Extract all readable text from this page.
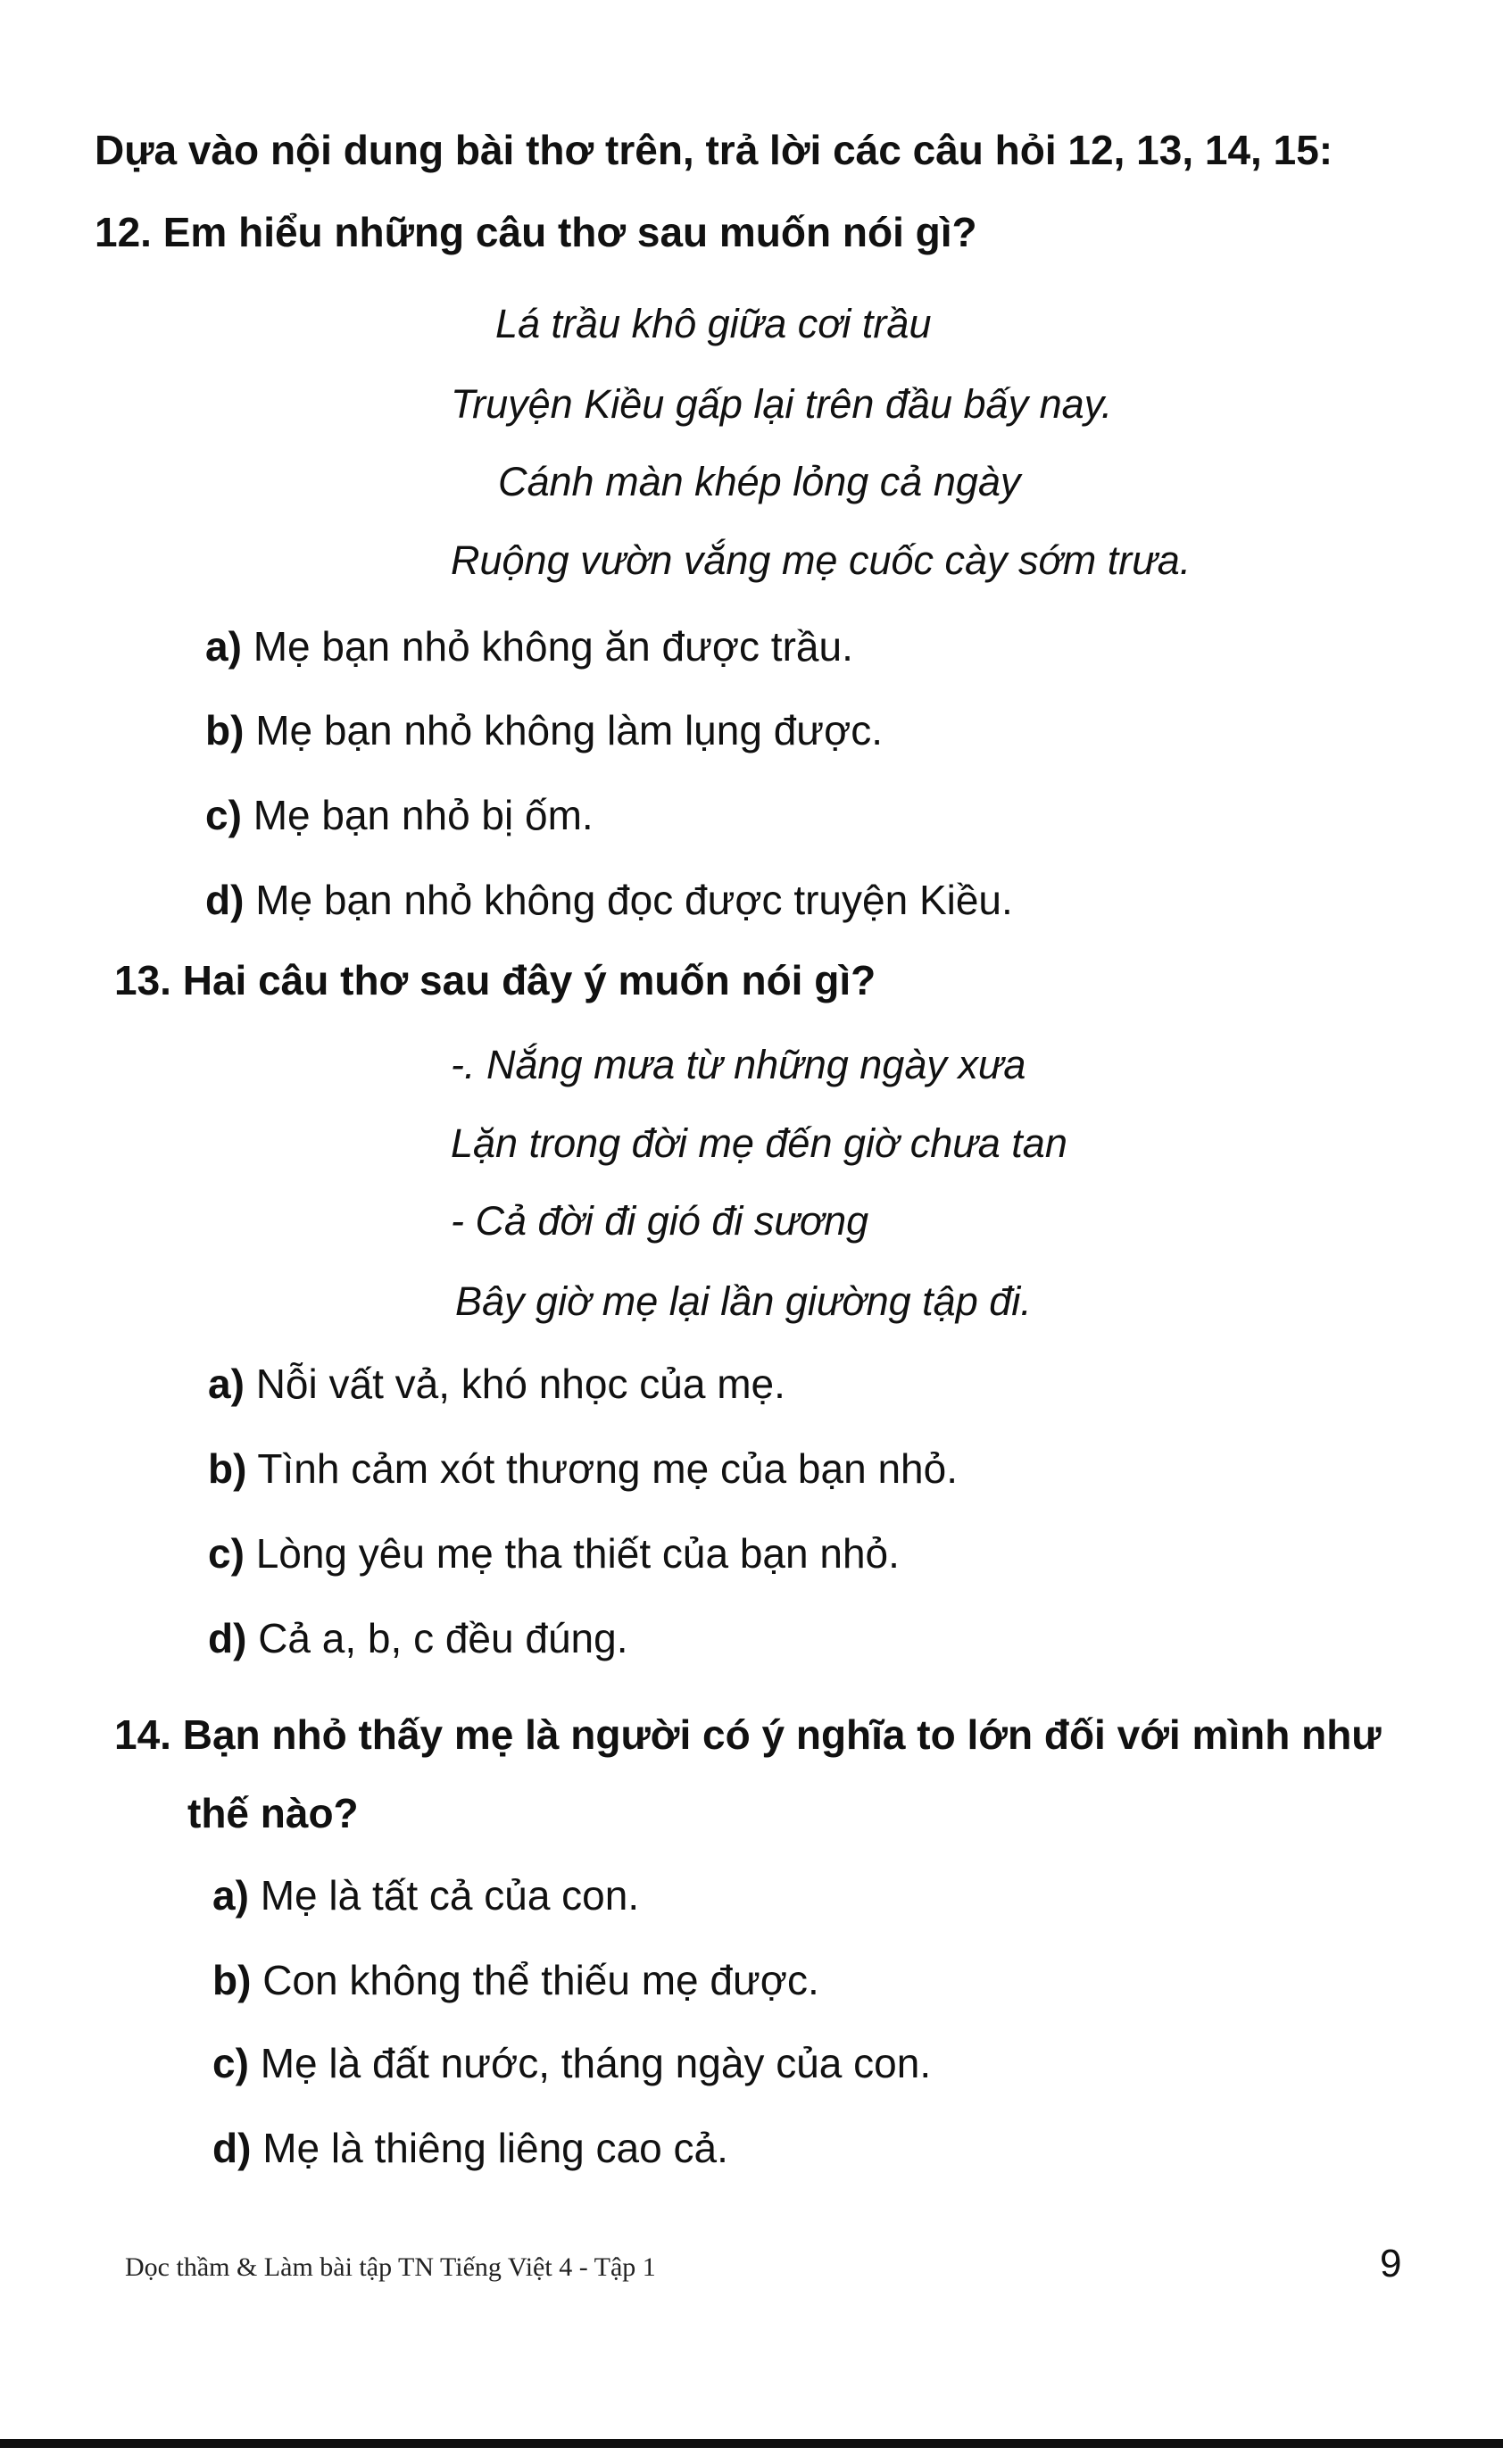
Dựa vào nội dung bài thơ trên, trả lời các câu hỏi 12, 13, 14, 15:
12. Em hiểu những câu thơ sau muốn nói gì?
Lá trầu khô giữa cơi trầu
Truyện Kiều gấp lại trên đầu bấy nay.
Cánh màn khép lỏng cả ngày
Ruộng vườn vắng mẹ cuốc cày sớm trưa.
a) Mẹ bạn nhỏ không ăn được trầu.
b) Mẹ bạn nhỏ không làm lụng được.
c) Mẹ bạn nhỏ bị ốm.
d) Mẹ bạn nhỏ không đọc được truyện Kiều.
13. Hai câu thơ sau đây ý muốn nói gì?
-. Nắng mưa từ những ngày xưa
Lặn trong đời mẹ đến giờ chưa tan
- Cả đời đi gió đi sương
Bây giờ mẹ lại lần giường tập đi.
a) Nỗi vất vả, khó nhọc của mẹ.
b) Tình cảm xót thương mẹ của bạn nhỏ.
c) Lòng yêu mẹ tha thiết của bạn nhỏ.
d) Cả a, b, c đều đúng.
14. Bạn nhỏ thấy mẹ là người có ý nghĩa to lớn đối với mình như
thế nào?
a) Mẹ là tất cả của con.
b) Con không thể thiếu mẹ được.
c) Mẹ là đất nước, tháng ngày của con.
d) Mẹ là thiêng liêng cao cả.
Dọc thầm & Làm bài tập TN Tiếng Việt 4 - Tập 1	9
